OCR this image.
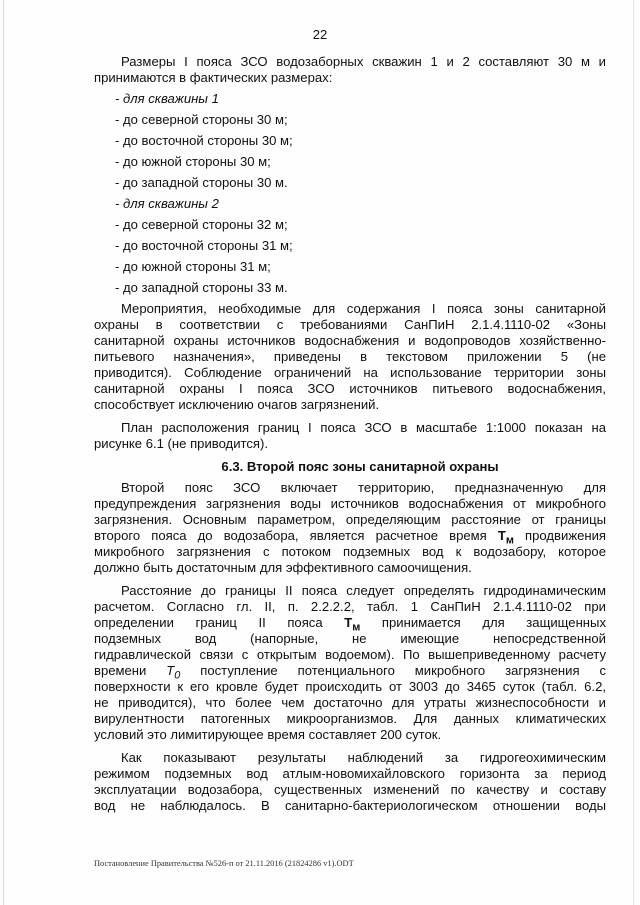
22
Размеры I пояса ЗСО водозаборных скважин 1 и 2 составляют 30 м и
принимаются в фактических размерах:
- для скважины 1
- до северной стороны 30 м;
- до восточной стороны 30 м;
- до южной стороны 30 м;
- до западной стороны 30 м.
- для скважины 2
- до северной стороны 32 м;
- до восточной стороны 31 м;
- до южной стороны 31 м;
- до западной стороны 33 м.
Мероприятия, необходимые для содержания I пояса зоны санитарной
охраны в соответствии с требованиями СанПиН 2.1.4.1110-02 «Зоны
санитарной охраны источников водоснабжения и водопроводов хозяйственно-
питьевого назначения», приведены в текстовом приложении 5 (не
приводится). Соблюдение ограничений на использование территории зоны
санитарной охраны I пояса ЗСО источников питьевого водоснабжения,
способствует исключению очагов загрязнений.
План расположения границ I пояса ЗСО в масштабе 1:1000 показан на
рисунке 6.1 (не приводится).
6.3. Второй пояс зоны санитарной охраны
Второй пояс ЗСО включает территорию, предназначенную для
предупреждения загрязнения воды источников водоснабжения от микробного
загрязнения. Основным параметром, определяющим расстояние от границы
второго пояса до водозабора, является расчетное время $Т_м$ продвижения
микробного загрязнения с потоком подземных вод к водозабору, которое
должно быть достаточным для эффективного самоочищения.
Расстояние до границы II пояса следует определять гидродинамическим
расчетом. Согласно гл. II, п. 2.2.2.2, табл. 1 СанПиН 2.1.4.1110-02 при
определении границ II пояса $Т_м$ принимается для защищенных
подземных вод (напорные, не имеющие непосредственной
гидравлической связи с открытым водоемом). По вышеприведенному расчету
времени $T_0$ поступление потенциального микробного загрязнения с
поверхности к его кровле будет происходить от 3003 до 3465 суток (табл. 6.2,
не приводится), что более чем достаточно для утраты жизнеспособности и
вирулентности патогенных микроорганизмов. Для данных климатических
условий это лимитирующее время составляет 200 суток.
Как показывают результаты наблюдений за гидрогеохимическим
режимом подземных вод атлым-новомихайловского горизонта за период
эксплуатации водозабора, существенных изменений по качеству и составу
вод не наблюдалось. В санитарно-бактериологическом отношении воды
Постановление Правительства №526-п от 21.11.2016 (21824286 v1).ODT
